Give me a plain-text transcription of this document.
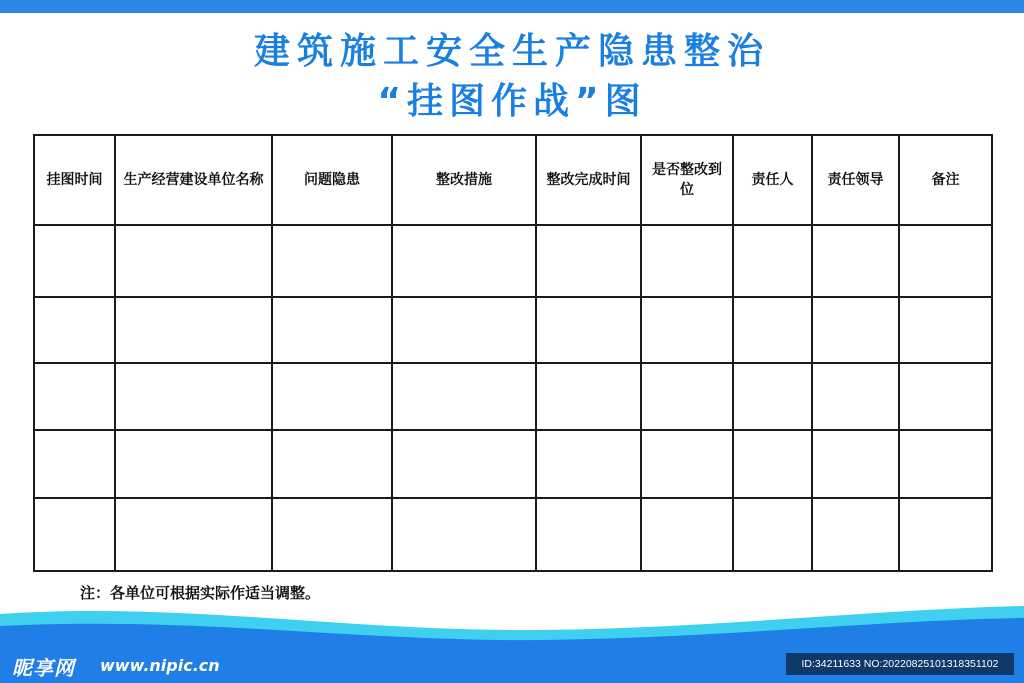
建筑施工安全生产隐患整治
“挂图作战”图
挂图时间	生产经营建设单位名称	问题隐患	整改措施	整改完成时间	是否整改到位	责任人	责任领导	备注

注：各单位可根据实际作适当调整。
昵享网 www.nipic.cn	ID:34211633 NO:20220825101318351102
